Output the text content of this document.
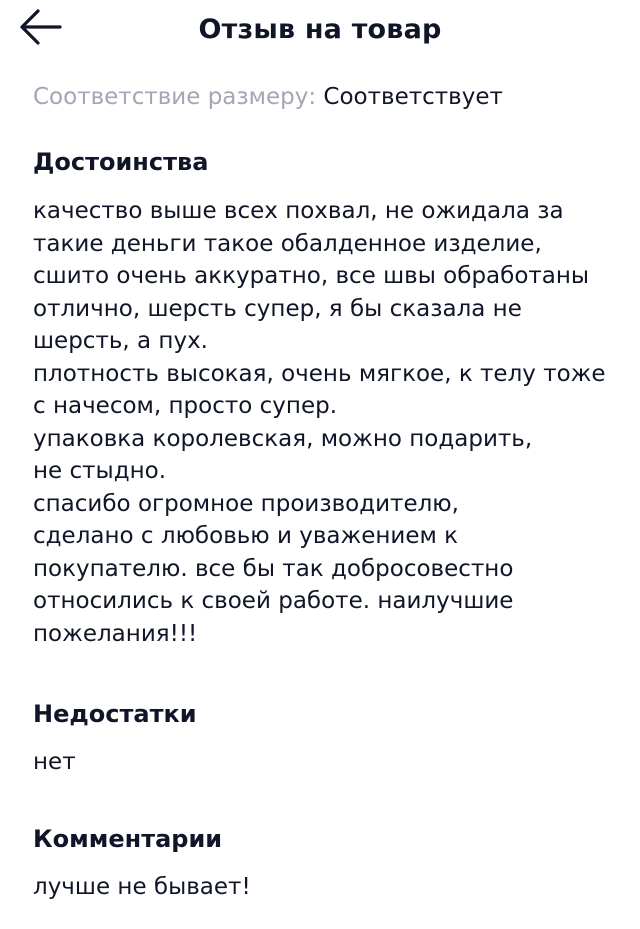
Отзыв на товар
Соответствие размеру: Соответствует
Достоинства
качество выше всех похвал, не ожидала за
такие деньги такое обалденное изделие,
сшито очень аккуратно, все швы обработаны
отлично, шерсть супер, я бы сказала не
шерсть, а пух.
плотность высокая, очень мягкое, к телу тоже
с начесом, просто супер.
упаковка королевская, можно подарить,
не стыдно.
спасибо огромное производителю,
сделано с любовью и уважением к
покупателю. все бы так добросовестно
относились к своей работе. наилучшие
пожелания!!!
Недостатки
нет
Комментарии
лучше не бывает!
